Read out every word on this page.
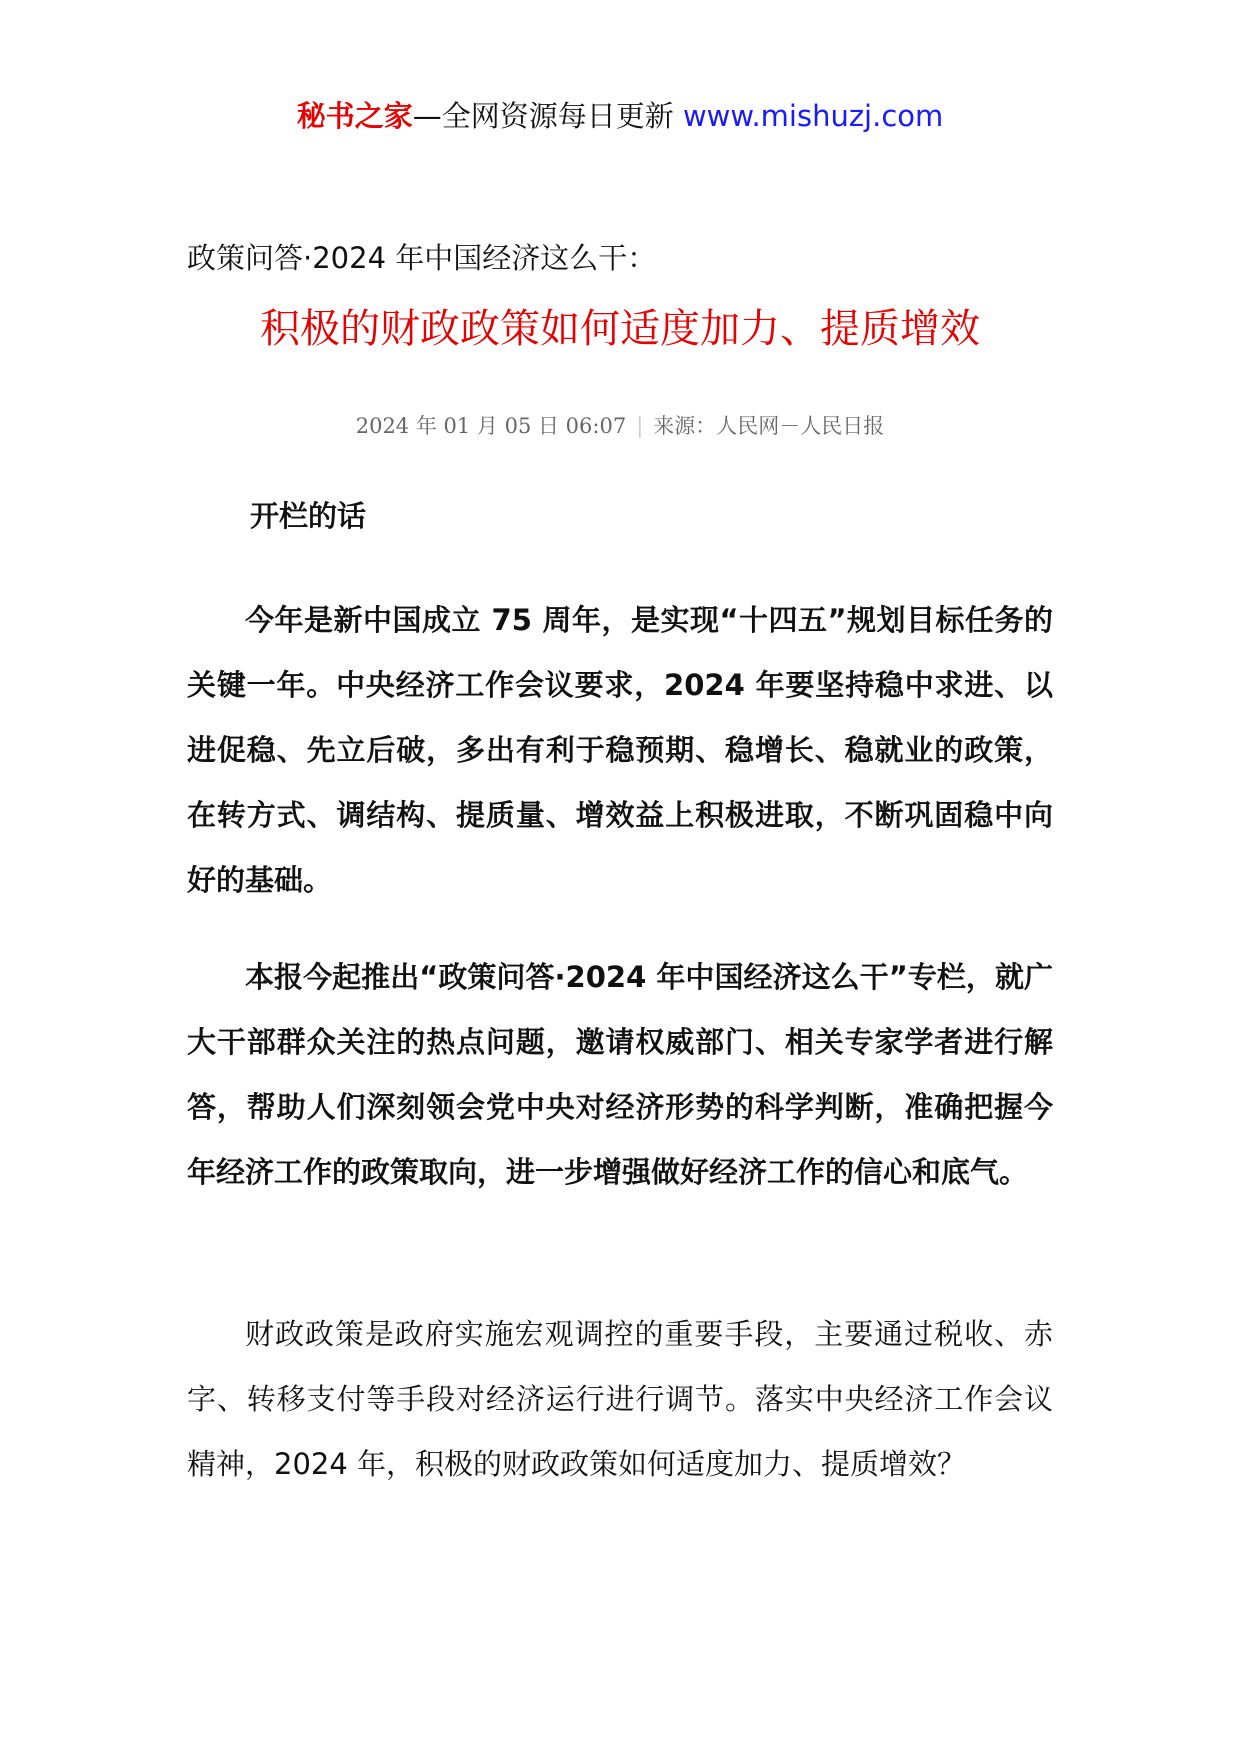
秘书之家—全网资源每日更新 www.mishuzj.com
政策问答·2024 年中国经济这么干：
积极的财政政策如何适度加力、提质增效
2024 年 01 月 05 日 06:07 | 来源：人民网－人民日报
开栏的话

今年是新中国成立 75 周年，是实现“十四五”规划目标任务的关键一年。中央经济工作会议要求，2024 年要坚持稳中求进、以进促稳、先立后破，多出有利于稳预期、稳增长、稳就业的政策，在转方式、调结构、提质量、增效益上积极进取，不断巩固稳中向好的基础。

本报今起推出“政策问答·2024 年中国经济这么干”专栏，就广大干部群众关注的热点问题，邀请权威部门、相关专家学者进行解答，帮助人们深刻领会党中央对经济形势的科学判断，准确把握今年经济工作的政策取向，进一步增强做好经济工作的信心和底气。

财政政策是政府实施宏观调控的重要手段，主要通过税收、赤字、转移支付等手段对经济运行进行调节。落实中央经济工作会议精神，2024 年，积极的财政政策如何适度加力、提质增效？
